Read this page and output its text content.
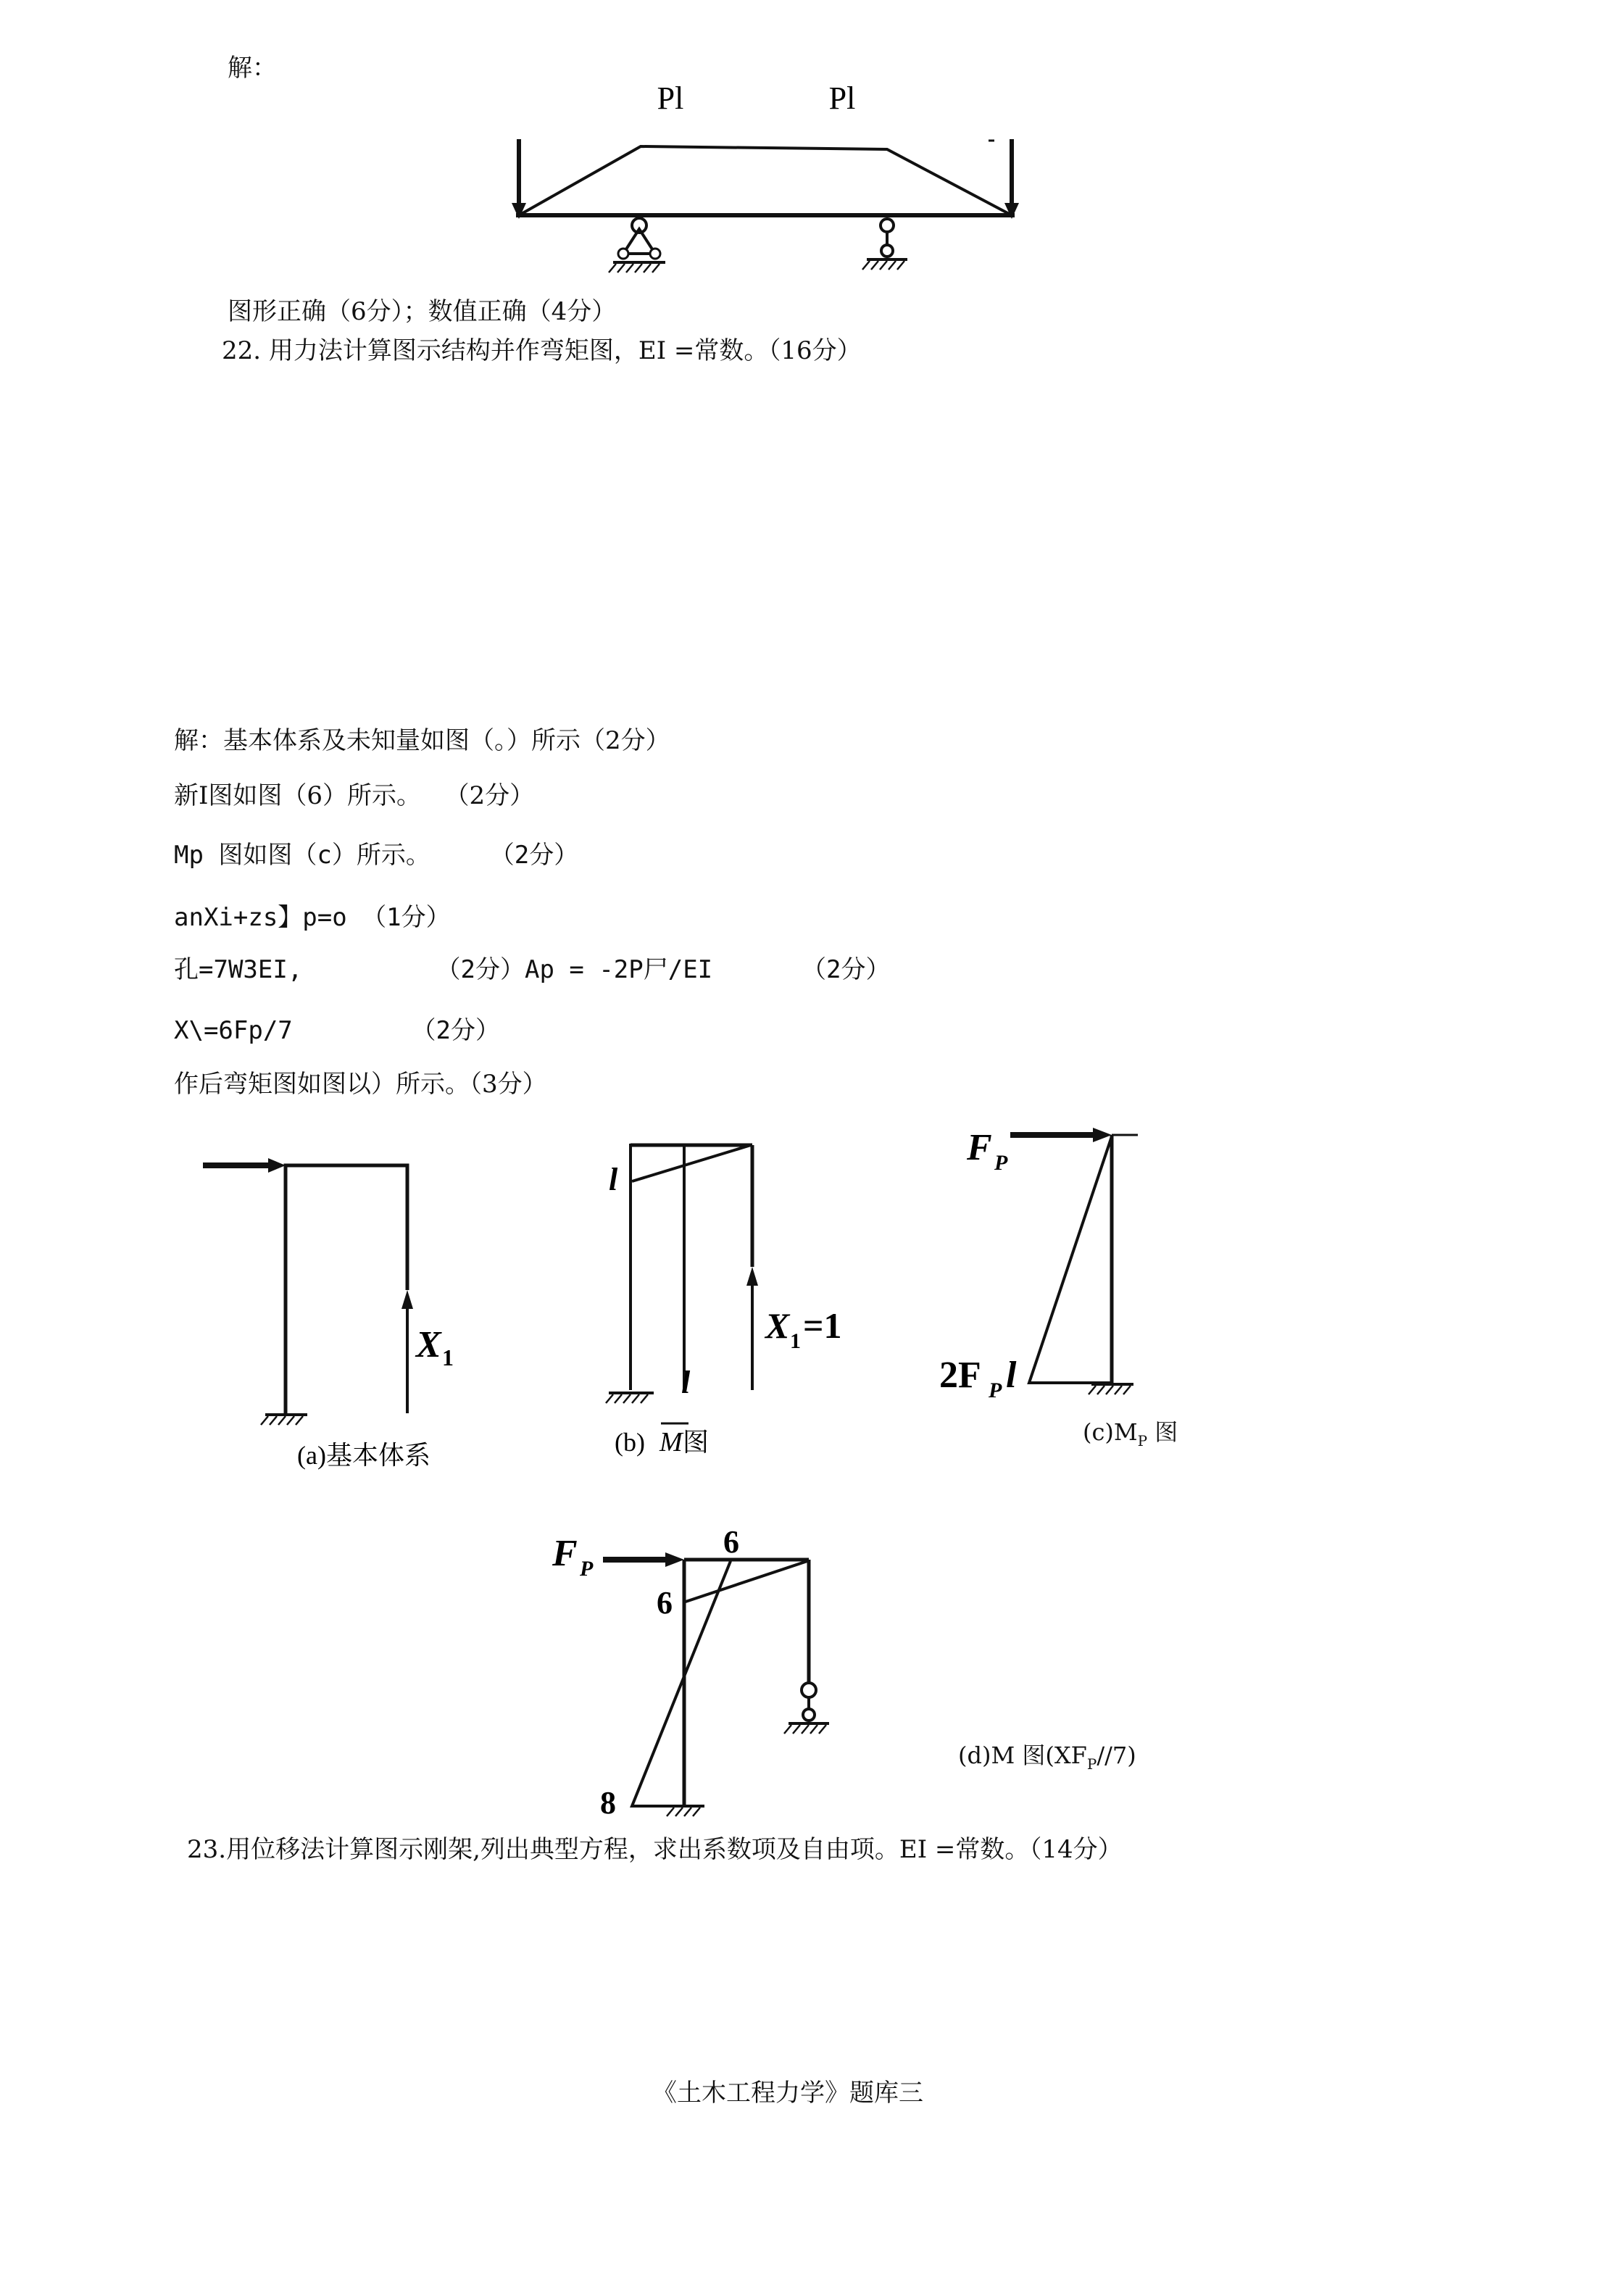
解：
Pl	Pl
图形正确（6分）；数值正确（4分）
22. 用力法计算图示结构并作弯矩图，EI =常数。（16分）
解：基本体系及未知量如图（。）所示（2分）
新I图如图（6）所示。   （2分）
Mp 图如图（c）所示。    （2分）
anXi+zs】p=o （1分）
孔=7W3EI,         （2分）Ap = -2P尸/EI      （2分）
X\=6Fp/7        （2分）
作后弯矩图如图以）所示。（3分）
X 1
(a)基本体系
l
X 1 =1
l
(b) M 图
F P
2F P l
$(c)M_P$ 图
F P
6
6
8
(d)M 图$(XF_P//7)$
23.用位移法计算图示刚架,列出典型方程，求出系数项及自由项。EI =常数。（14分）
《土木工程力学》题库三
